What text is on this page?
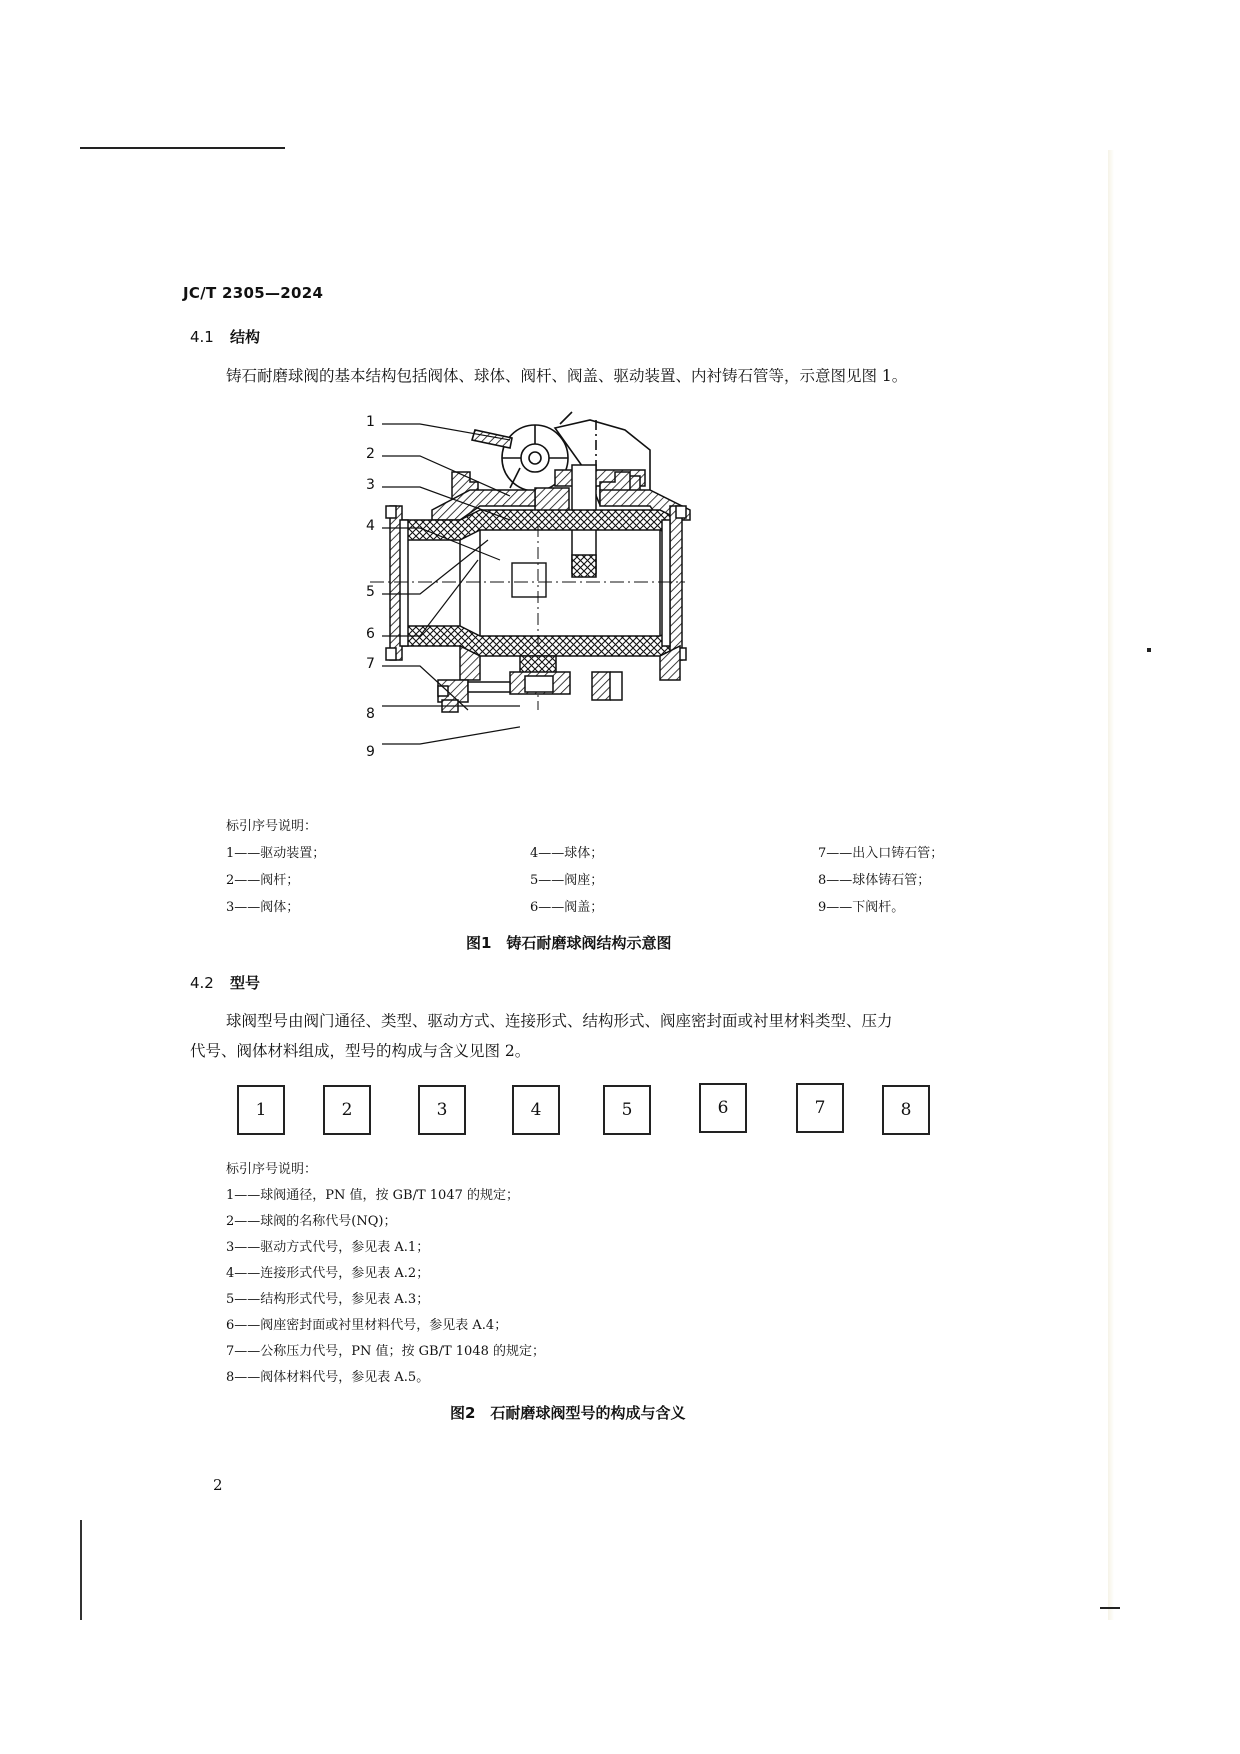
JC/T 2305—2024
4.1 结构
铸石耐磨球阀的基本结构包括阀体、球体、阀杆、阀盖、驱动装置、内衬铸石管等，示意图见图 1。
1
2
3
4
5
6
7
8
9
标引序号说明：
1——驱动装置；
2——阀杆；
3——阀体；
4——球体；
5——阀座；
6——阀盖；
7——出入口铸石管；
8——球体铸石管；
9——下阀杆。
图1　铸石耐磨球阀结构示意图
4.2 型号
球阀型号由阀门通径、类型、驱动方式、连接形式、结构形式、阀座密封面或衬里材料类型、压力
代号、阀体材料组成，型号的构成与含义见图 2。
1	2	3	4	5	6	7	8
标引序号说明：
1——球阀通径，PN 值，按 GB/T 1047 的规定；
2——球阀的名称代号(NQ)；
3——驱动方式代号，参见表 A.1；
4——连接形式代号，参见表 A.2；
5——结构形式代号，参见表 A.3；
6——阀座密封面或衬里材料代号，参见表 A.4；
7——公称压力代号，PN 值；按 GB/T 1048 的规定；
8——阀体材料代号，参见表 A.5。
图2　石耐磨球阀型号的构成与含义
2
